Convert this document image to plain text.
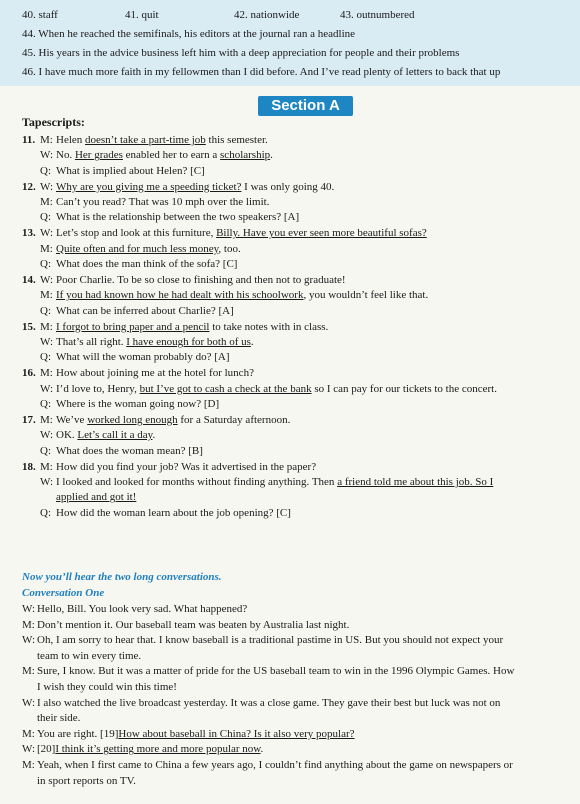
40. staff	41. quit	42. nationwide	43. outnumbered
44. When he reached the semifinals, his editors at the journal ran a headline
45. His years in the advice business left him with a deep appreciation for people and their problems
46. I have much more faith in my fellowmen than I did before. And I’ve read plenty of letters to back that up
Section A
Tapescripts:
11. M: Helen doesn’t take a part-time job this semester.
W: No. Her grades enabled her to earn a scholarship.
Q: What is implied about Helen? [C]
12. W: Why are you giving me a speeding ticket? I was only going 40.
M: Can’t you read? That was 10 mph over the limit.
Q: What is the relationship between the two speakers? [A]
13. W: Let’s stop and look at this furniture, Billy. Have you ever seen more beautiful sofas?
M: Quite often and for much less money, too.
Q: What does the man think of the sofa? [C]
14. W: Poor Charlie. To be so close to finishing and then not to graduate!
M: If you had known how he had dealt with his schoolwork, you wouldn’t feel like that.
Q: What can be inferred about Charlie? [A]
15. M: I forgot to bring paper and a pencil to take notes with in class.
W: That’s all right. I have enough for both of us.
Q: What will the woman probably do? [A]
16. M: How about joining me at the hotel for lunch?
W: I’d love to, Henry, but I’ve got to cash a check at the bank so I can pay for our tickets to the concert.
Q: Where is the woman going now? [D]
17. M: We’ve worked long enough for a Saturday afternoon.
W: OK. Let’s call it a day.
Q: What does the woman mean? [B]
18. M: How did you find your job? Was it advertised in the paper?
W: I looked and looked for months without finding anything. Then a friend told me about this job. So I
applied and got it!
Q: How did the woman learn about the job opening? [C]
Now you’ll hear the two long conversations.
Conversation One
W: Hello, Bill. You look very sad. What happened?
M: Don’t mention it. Our baseball team was beaten by Australia last night.
W: Oh, I am sorry to hear that. I know baseball is a traditional pastime in US. But you should not expect your
team to win every time.
M: Sure, I know. But it was a matter of pride for the US baseball team to win in the 1996 Olympic Games. How
I wish they could win this time!
W: I also watched the live broadcast yesterday. It was a close game. They gave their best but luck was not on
their side.
M: You are right. [19]How about baseball in China? Is it also very popular?
W: [20]I think it’s getting more and more popular now.
M: Yeah, when I first came to China a few years ago, I couldn’t find anything about the game on newspapers or
in sport reports on TV.
